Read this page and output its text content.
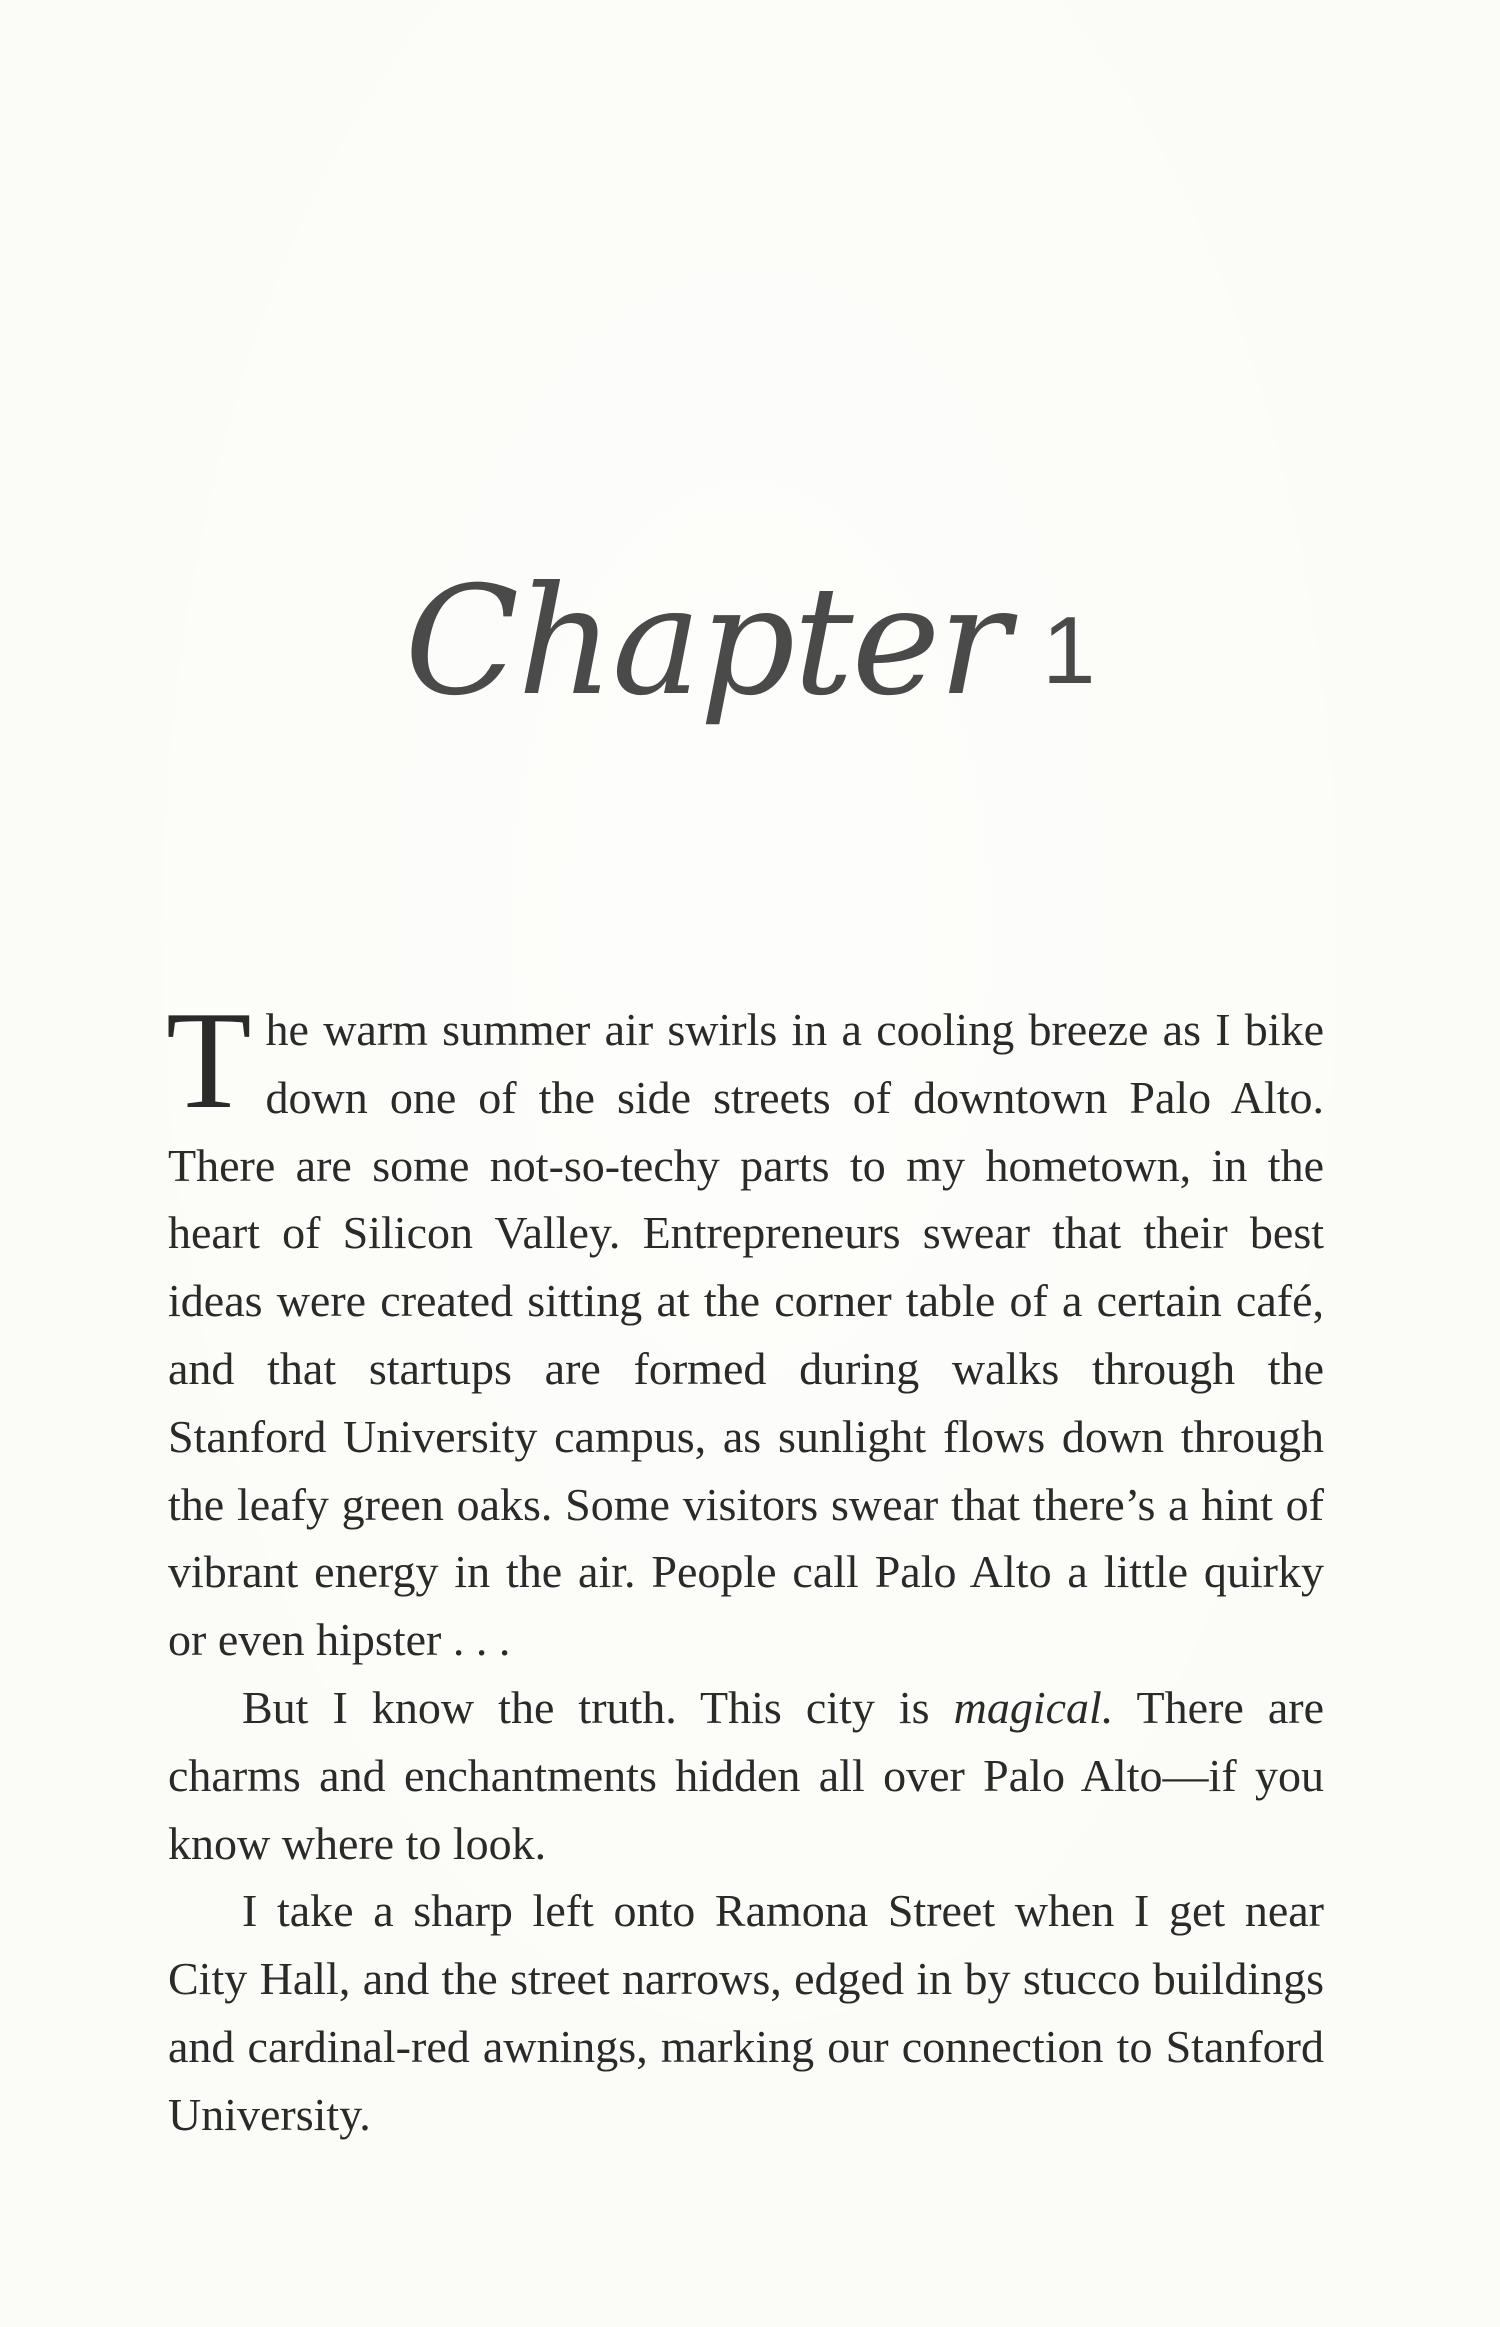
Chapter 1

The warm summer air swirls in a cooling breeze as I bike down one of the side streets of downtown Palo Alto. There are some not-so-techy parts to my hometown, in the heart of Silicon Valley. Entrepreneurs swear that their best ideas were created sitting at the corner table of a certain café, and that startups are formed during walks through the Stanford University campus, as sunlight flows down through the leafy green oaks. Some visitors swear that there’s a hint of vibrant energy in the air. People call Palo Alto a little quirky or even hipster . . .

But I know the truth. This city is magical. There are charms and enchantments hidden all over Palo Alto—if you know where to look.

I take a sharp left onto Ramona Street when I get near City Hall, and the street narrows, edged in by stucco buildings and cardinal-red awnings, marking our connection to Stanford University.
